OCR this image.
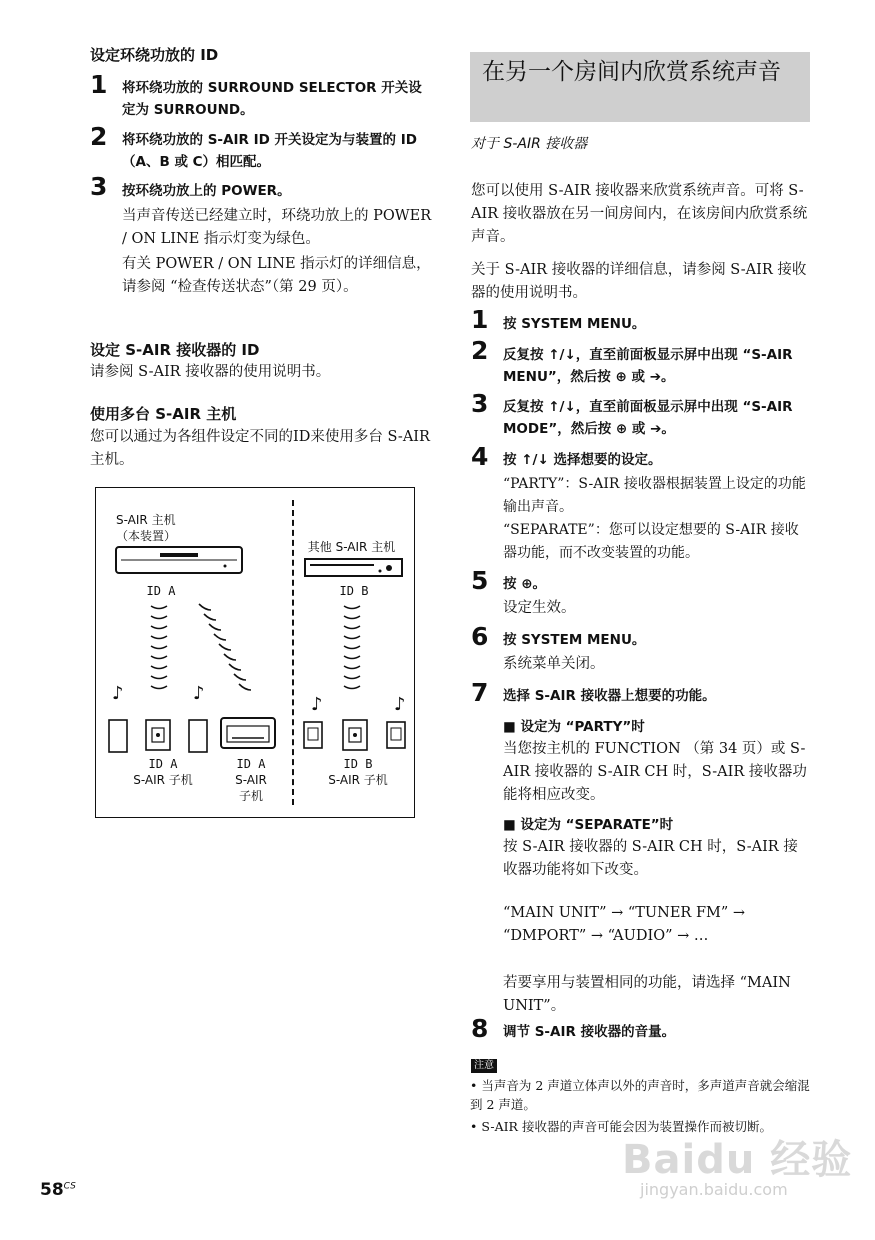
设定环绕功放的 ID
1 将环绕功放的 SURROUND SELECTOR 开关设定为 SURROUND。
2 将环绕功放的 S-AIR ID 开关设定为与装置的 ID（A、B 或 C）相匹配。
3 按环绕功放上的 POWER。
当声音传送已经建立时，环绕功放上的 POWER / ON LINE 指示灯变为绿色。
有关 POWER / ON LINE 指示灯的详细信息，请参阅 “检查传送状态”（第 29 页）。
设定 S-AIR 接收器的 ID
请参阅 S-AIR 接收器的使用说明书。
使用多台 S-AIR 主机
您可以通过为各组件设定不同的ID来使用多台 S-AIR 主机。
S-AIR 主机
（本装置）
其他 S-AIR 主机
ID A	ID B
♪	♪
♪	♪
ID A
S-AIR 子机
ID A
S-AIR
子机
ID B
S-AIR 子机
在另一个房间内欣赏系统声音
对于 S-AIR 接收器
您可以使用 S-AIR 接收器来欣赏系统声音。可将 S-AIR 接收器放在另一间房间内，在该房间内欣赏系统声音。
关于 S-AIR 接收器的详细信息，请参阅 S-AIR 接收器的使用说明书。
1 按 SYSTEM MENU。
2 反复按 ↑/↓，直至前面板显示屏中出现 “S-AIR MENU”，然后按 ⊕ 或 ➔。
3 反复按 ↑/↓，直至前面板显示屏中出现 “S-AIR MODE”，然后按 ⊕ 或 ➔。
4 按 ↑/↓ 选择想要的设定。
“PARTY”：S-AIR 接收器根据装置上设定的功能输出声音。
“SEPARATE”：您可以设定想要的 S-AIR 接收器功能，而不改变装置的功能。
5 按 ⊕。
设定生效。
6 按 SYSTEM MENU。
系统菜单关闭。
7 选择 S-AIR 接收器上想要的功能。
■ 设定为 “PARTY”时
当您按主机的 FUNCTION （第 34 页）或 S-AIR 接收器的 S-AIR CH 时，S-AIR 接收器功能将相应改变。
■ 设定为 “SEPARATE”时
按 S-AIR 接收器的 S-AIR CH 时，S-AIR 接收器功能将如下改变。
“MAIN UNIT” → “TUNER FM” →
“DMPORT” → “AUDIO” → …
若要享用与装置相同的功能，请选择 “MAIN UNIT”。
8 调节 S-AIR 接收器的音量。
注意
• 当声音为 2 声道立体声以外的声音时，多声道声音就会缩混到 2 声道。
• S-AIR 接收器的声音可能会因为装置操作而被切断。
Baidu 经验
jingyan.baidu.com
$58^{CS}$
